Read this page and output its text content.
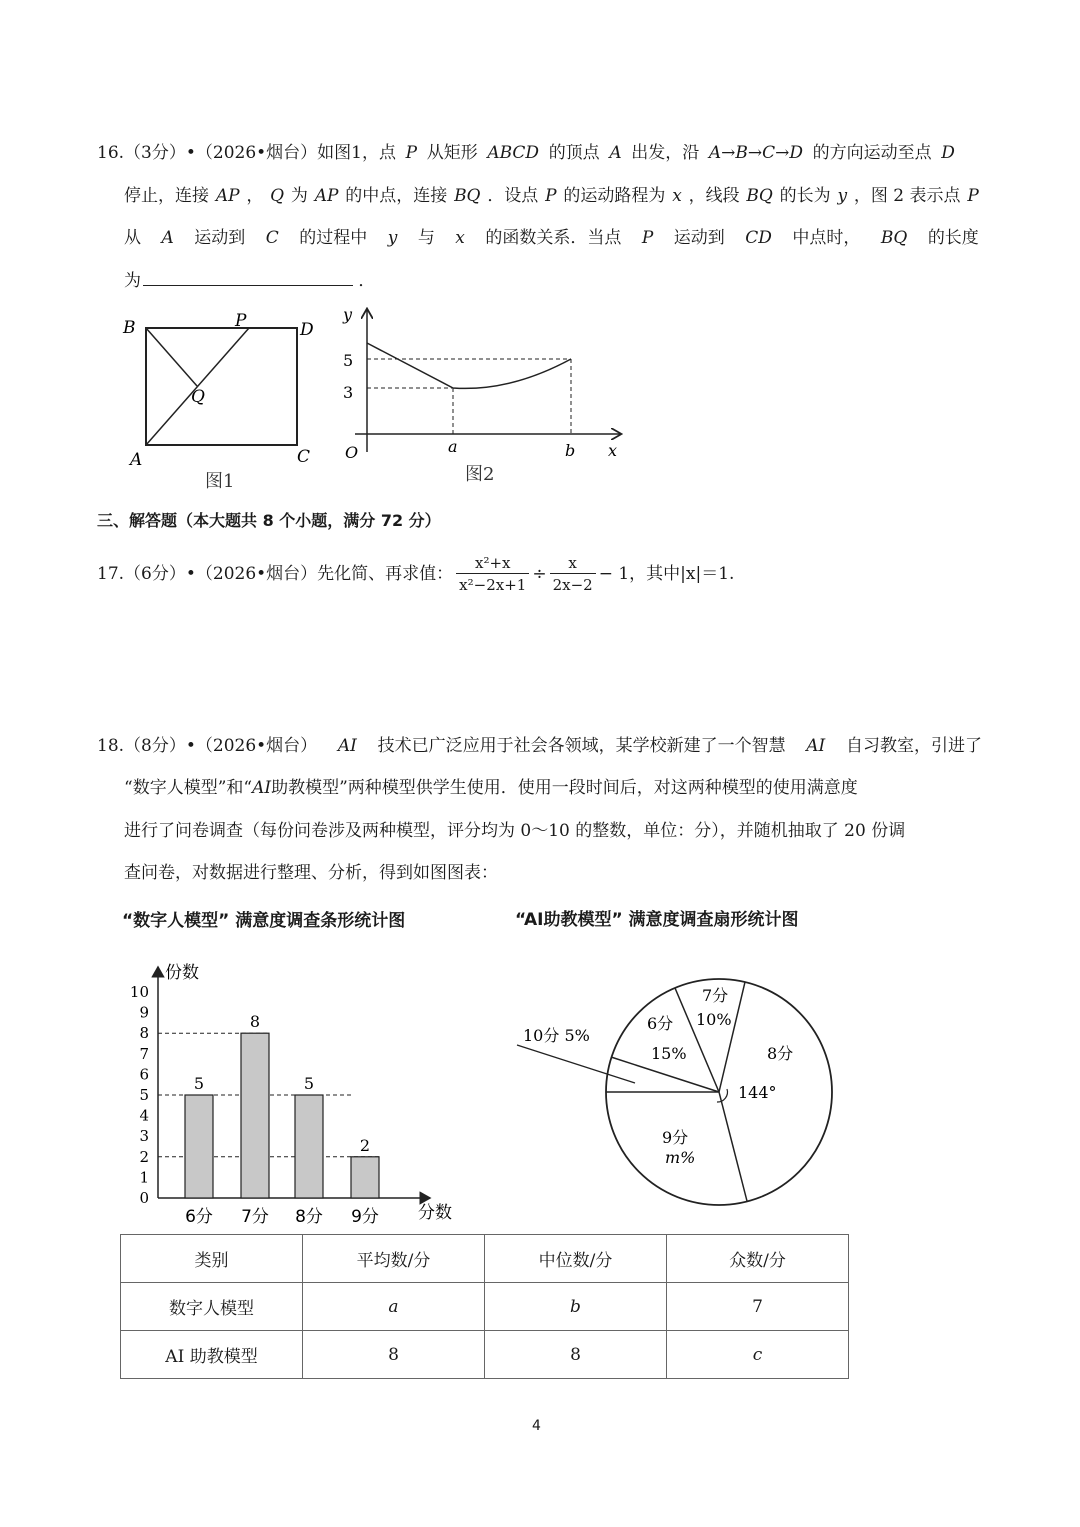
16.（3分）•（2026•烟台）如图1，点 P 从矩形 ABCD 的顶点 A 出发，沿 A→B→C→D 的方向运动至点 D
停止，连接 AP ， Q 为 AP 的中点，连接 BQ ．设点 P 的运动路程为 x ，线段 BQ 的长为 y ，图 2 表示点 P
从 A 运动到 C 的过程中 y 与 x 的函数关系．当点 P 运动到 CD 中点时， BQ 的长度
为	．
B	P	D
Q
A	C
图1
y
5
3
O	a	b x
图2
三、解答题（本大题共 8 个小题，满分 72 分）
17.（6分）•（2026•烟台）先化简、再求值： $\frac{\text{x²+x}}{\text{x²−2x+1}} \div \frac{x}{2x-2} - 1$，其中|x|＝1.
18.（8分）•（2026•烟台） AI 技术已广泛应用于社会各领域，某学校新建了一个智慧 AI 自习教室，引进了
“数字人模型”和“AI助教模型”两种模型供学生使用．使用一段时间后，对这两种模型的使用满意度
进行了问卷调查（每份问卷涉及两种模型，评分均为 0～10 的整数，单位：分），并随机抽取了 20 份调
查问卷，对数据进行整理、分析，得到如图图表：
“数字人模型” 满意度调查条形统计图	“AI助教模型” 满意度调查扇形统计图
份数
分数
0
1
2
3
4
5
6
7
8
9
10
5
6分
8
7分
5
8分
2
9分
10分 5%
6分
15%
7分
10%
8分
144°
9分
m%
类别	平均数/分	中位数/分	众数/分
数字人模型	a	b	7
AI 助教模型	8	8	c
4
